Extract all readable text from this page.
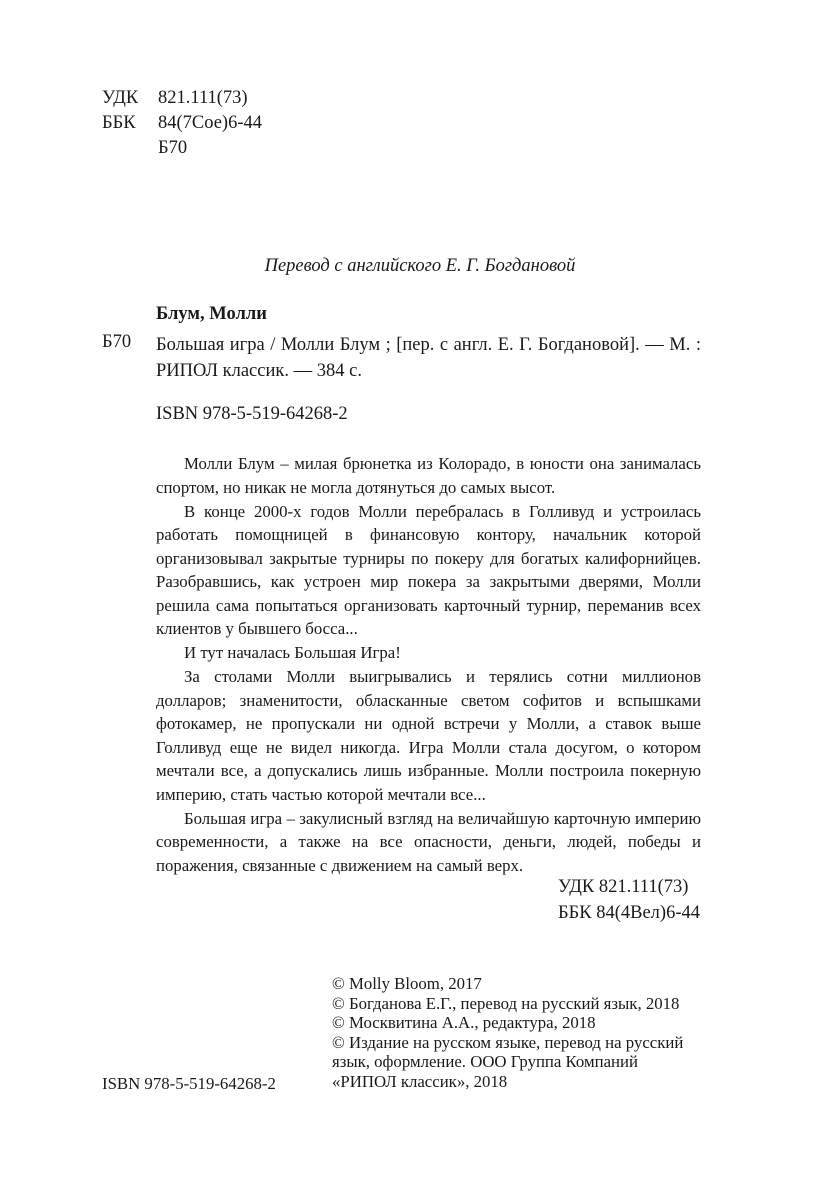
УДК	821.111(73)
ББК	84(7Сое)6-44
Б70
Перевод с английского Е. Г. Богдановой
Блум, Молли
Б70 Большая игра / Молли Блум ; [пер. с англ. Е. Г. Богдановой]. — М. : РИПОЛ классик. — 384 с.
ISBN 978-5-519-64268-2

Молли Блум – милая брюнетка из Колорадо, в юности она занималась спортом, но никак не могла дотянуться до самых высот.

В конце 2000-х годов Молли перебралась в Голливуд и устроилась работать помощницей в финансовую контору, начальник которой организовывал закрытые турниры по покеру для богатых калифорнийцев. Разобравшись, как устроен мир покера за закрытыми дверями, Молли решила сама попытаться организовать карточный турнир, переманив всех клиентов у бывшего босса...

И тут началась Большая Игра!

За столами Молли выигрывались и терялись сотни миллионов долларов; знаменитости, обласканные светом софитов и вспышками фотокамер, не пропускали ни одной встречи у Молли, а ставок выше Голливуд еще не видел никогда. Игра Молли стала досугом, о котором мечтали все, а допускались лишь избранные. Молли построила покерную империю, стать частью которой мечтали все...

Большая игра – закулисный взгляд на величайшую карточную империю современности, а также на все опасности, деньги, людей, победы и поражения, связанные с движением на самый верх.

УДК 821.111(73)
ББК 84(4Вел)6-44
© Molly Bloom, 2017
© Богданова Е.Г., перевод на русский язык, 2018
© Москвитина А.А., редактура, 2018
© Издание на русском языке, перевод на русский язык, оформление. ООО Группа Компаний «РИПОЛ классик», 2018
ISBN 978-5-519-64268-2
